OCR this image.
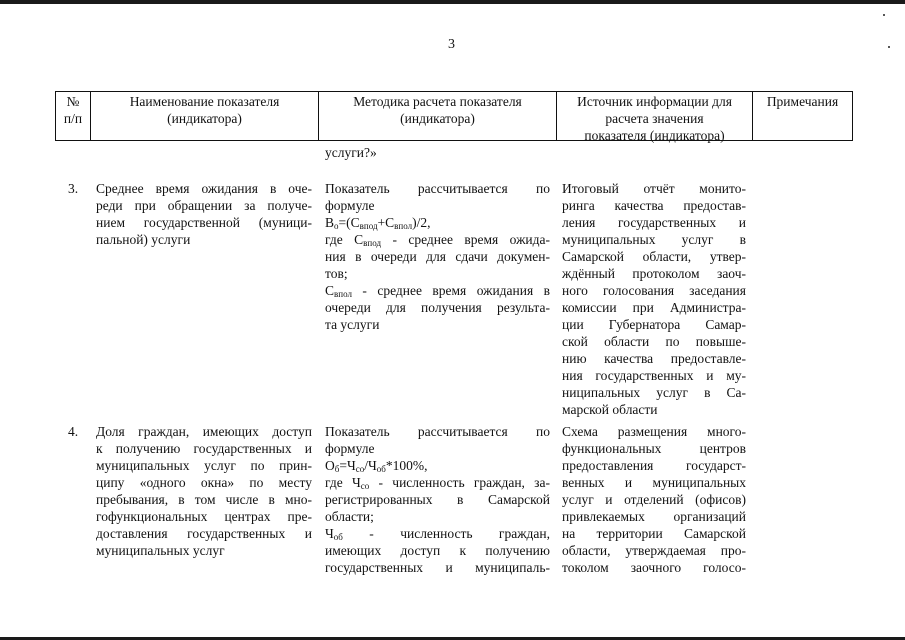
3
№
п/п
Наименование показателя
(индикатора)
Методика расчета показателя
(индикатора)
Источник информации для
расчета значения
показателя (индикатора)
Примечания
услуги?»
3. Среднее время ожидания в оче-
реди при обращении за получе-
нием государственной (муници-
пальной) услуги
Показатель рассчитывается по
формуле
$В_о=(С_{впод}+С_{впол})/2$,
где $С_{впод}$ - среднее время ожида-
ния в очереди для сдачи докумен-
тов;
$С_{впол}$ - среднее время ожидания в
очереди для получения результа-
та услуги
Итоговый отчёт монито-
ринга качества предостав-
ления государственных и
муниципальных услуг в
Самарской области, утвер-
ждённый протоколом заоч-
ного голосования заседания
комиссии при Администра-
ции Губернатора Самар-
ской области по повыше-
нию качества предоставле-
ния государственных и му-
ниципальных услуг в Са-
марской области
4. Доля граждан, имеющих доступ
к получению государственных и
муниципальных услуг по прин-
ципу «одного окна» по месту
пребывания, в том числе в мно-
гофункциональных центрах пре-
доставления государственных и
муниципальных услуг
Показатель рассчитывается по
формуле
$О_б=Ч_{со}/Ч_{об}*100\%$,
где $Ч_{со}$ - численность граждан, за-
регистрированных в Самарской
области;
$Ч_{об}$ - численность граждан,
имеющих доступ к получению
государственных и муниципаль-
Схема размещения много-
функциональных центров
предоставления государст-
венных и муниципальных
услуг и отделений (офисов)
привлекаемых организаций
на территории Самарской
области, утверждаемая про-
токолом заочного голосо-
